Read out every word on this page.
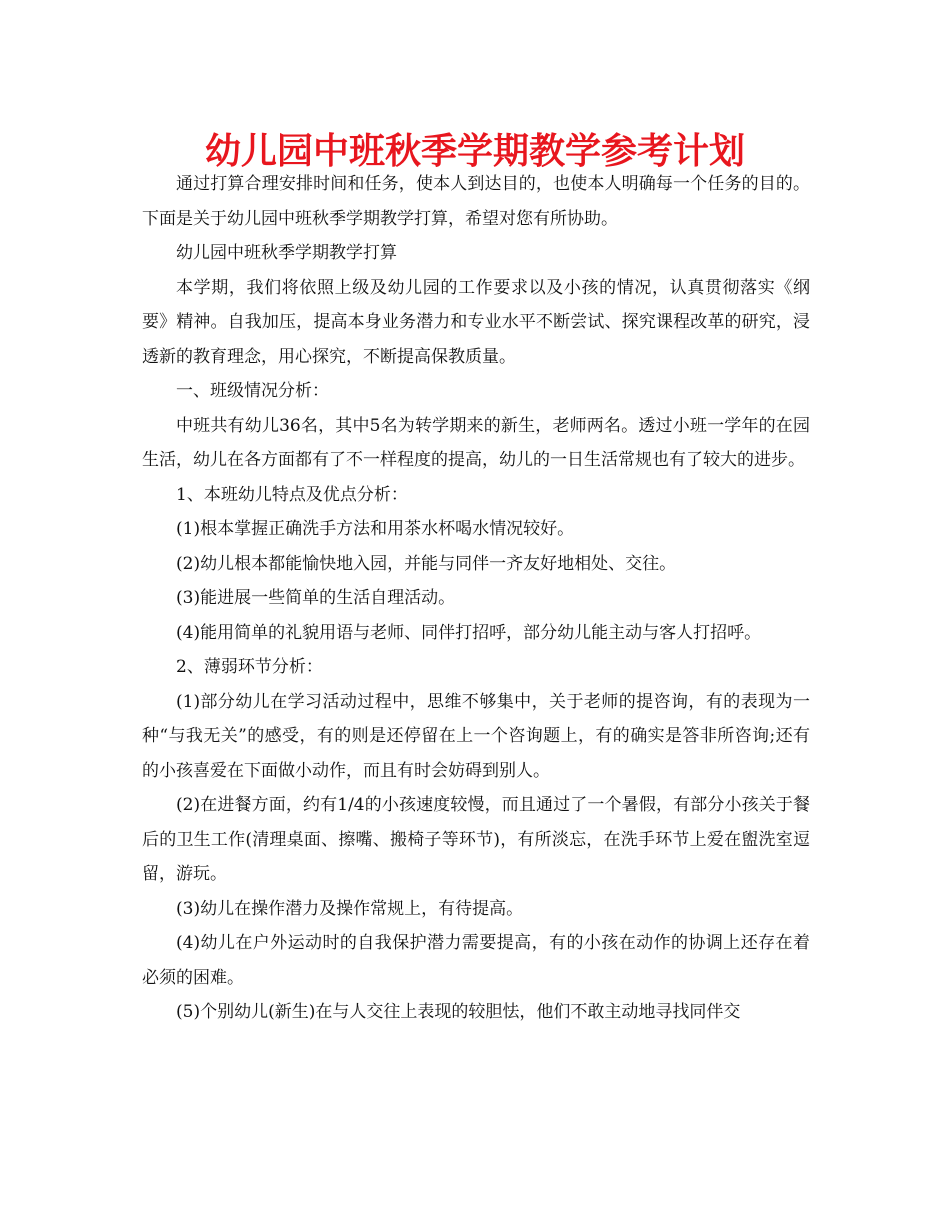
幼儿园中班秋季学期教学参考计划

通过打算合理安排时间和任务，使本人到达目的，也使本人明确每一个任务的目的。下面是关于幼儿园中班秋季学期教学打算，希望对您有所协助。

幼儿园中班秋季学期教学打算

本学期，我们将依照上级及幼儿园的工作要求以及小孩的情况，认真贯彻落实《纲要》精神。自我加压，提高本身业务潜力和专业水平不断尝试、探究课程改革的研究，浸透新的教育理念，用心探究，不断提高保教质量。

一、班级情况分析：

中班共有幼儿36名，其中5名为转学期来的新生，老师两名。透过小班一学年的在园生活，幼儿在各方面都有了不一样程度的提高，幼儿的一日生活常规也有了较大的进步。

1、本班幼儿特点及优点分析：

(1)根本掌握正确洗手方法和用茶水杯喝水情况较好。

(2)幼儿根本都能愉快地入园，并能与同伴一齐友好地相处、交往。

(3)能进展一些简单的生活自理活动。

(4)能用简单的礼貌用语与老师、同伴打招呼，部分幼儿能主动与客人打招呼。

2、薄弱环节分析：

(1)部分幼儿在学习活动过程中，思维不够集中，关于老师的提咨询，有的表现为一种“与我无关”的感受，有的则是还停留在上一个咨询题上，有的确实是答非所咨询;还有的小孩喜爱在下面做小动作，而且有时会妨碍到别人。

(2)在进餐方面，约有1/4的小孩速度较慢，而且通过了一个暑假，有部分小孩关于餐后的卫生工作(清理桌面、擦嘴、搬椅子等环节)，有所淡忘，在洗手环节上爱在盥洗室逗留，游玩。

(3)幼儿在操作潜力及操作常规上，有待提高。

(4)幼儿在户外运动时的自我保护潜力需要提高，有的小孩在动作的协调上还存在着必须的困难。

(5)个别幼儿(新生)在与人交往上表现的较胆怯，他们不敢主动地寻找同伴交
